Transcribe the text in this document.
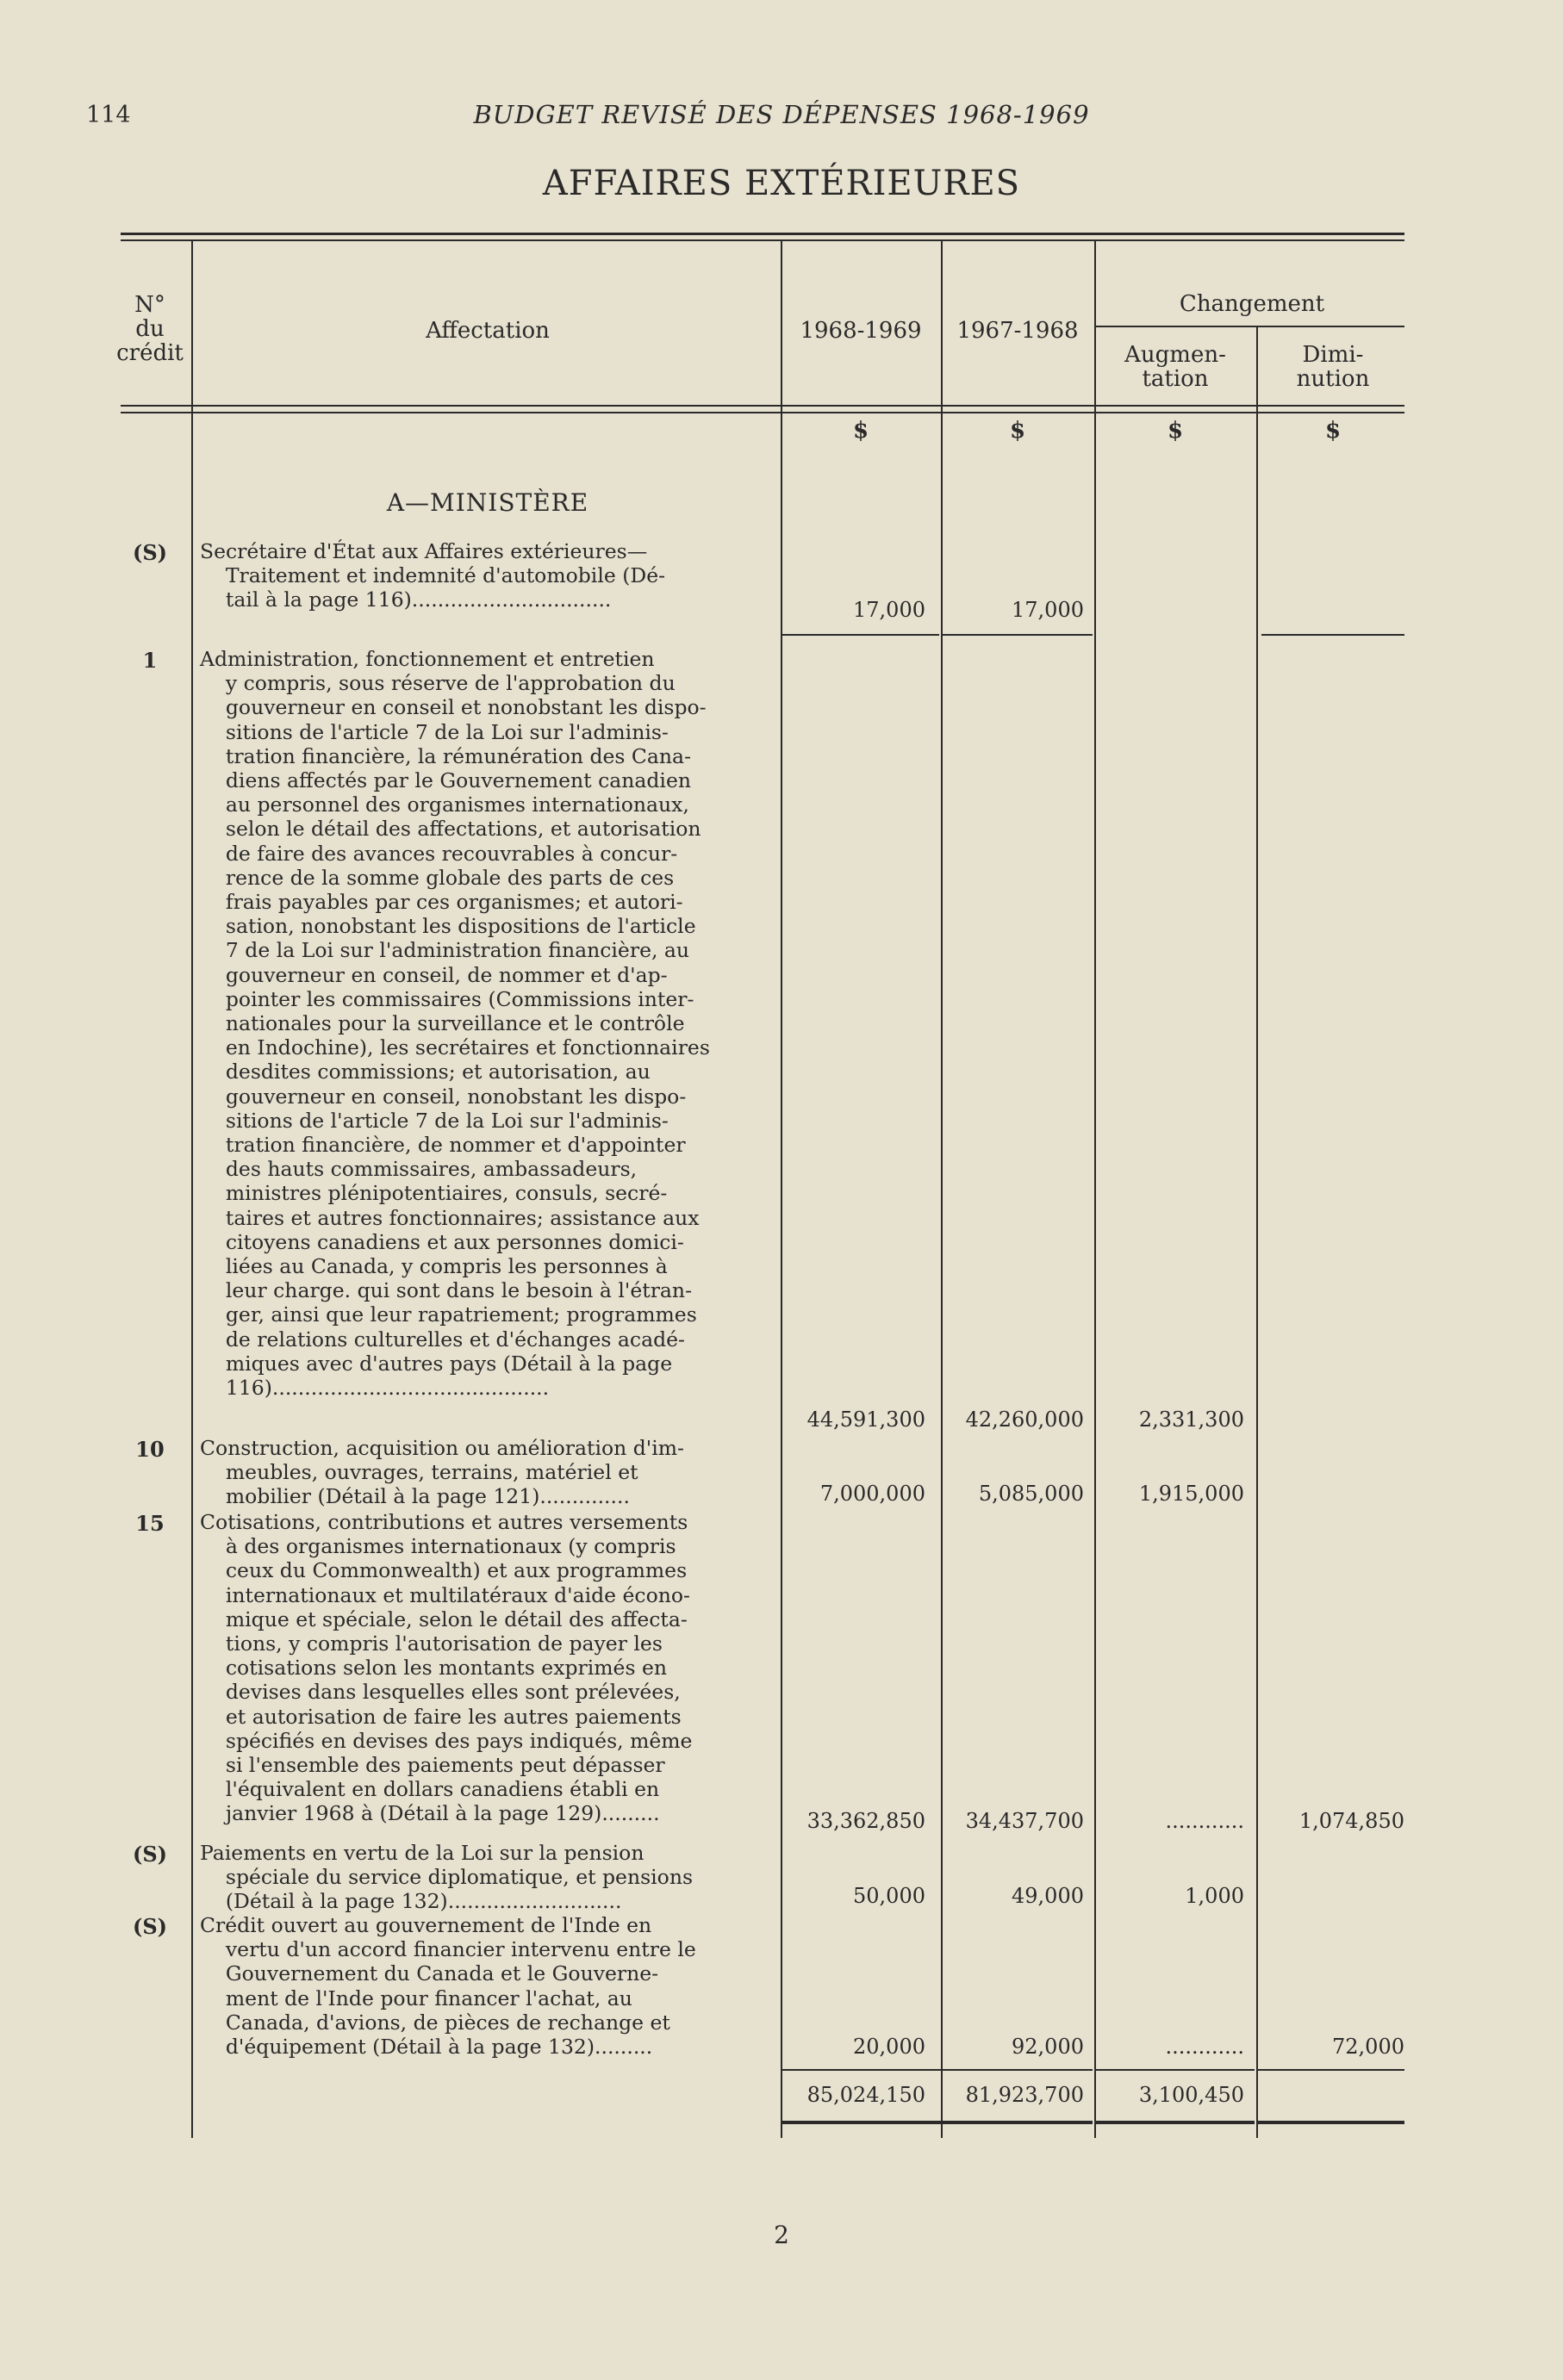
114	BUDGET REVISÉ DES DÉPENSES 1968-1969
AFFAIRES EXTÉRIEURES
N°
du
crédit
Affectation	1968-1969	1967-1968
Changement
Augmen-
tation
Dimi-
nution
$	$	$	$
A—MINISTÈRE
(S)	Secrétaire d'État aux Affaires extérieures—
Traitement et indemnité d'automobile (Dé-
tail à la page 116)...............................	17,000	17,000
1	Administration, fonctionnement et entretien
y compris, sous réserve de l'approbation du
gouverneur en conseil et nonobstant les dispo-
sitions de l'article 7 de la Loi sur l'adminis-
tration financière, la rémunération des Cana-
diens affectés par le Gouvernement canadien
au personnel des organismes internationaux,
selon le détail des affectations, et autorisation
de faire des avances recouvrables à concur-
rence de la somme globale des parts de ces
frais payables par ces organismes; et autori-
sation, nonobstant les dispositions de l'article
7 de la Loi sur l'administration financière, au
gouverneur en conseil, de nommer et d'ap-
pointer les commissaires (Commissions inter-
nationales pour la surveillance et le contrôle
en Indochine), les secrétaires et fonctionnaires
desdites commissions; et autorisation, au
gouverneur en conseil, nonobstant les dispo-
sitions de l'article 7 de la Loi sur l'adminis-
tration financière, de nommer et d'appointer
des hauts commissaires, ambassadeurs,
ministres plénipotentiaires, consuls, secré-
taires et autres fonctionnaires; assistance aux
citoyens canadiens et aux personnes domici-
liées au Canada, y compris les personnes à
leur charge. qui sont dans le besoin à l'étran-
ger, ainsi que leur rapatriement; programmes
de relations culturelles et d'échanges acadé-
miques avec d'autres pays (Détail à la page
116)...........................................
44,591,300	42,260,000	2,331,300
10	Construction, acquisition ou amélioration d'im-
meubles, ouvrages, terrains, matériel et
mobilier (Détail à la page 121)..............	7,000,000	5,085,000	1,915,000
15	Cotisations, contributions et autres versements
à des organismes internationaux (y compris
ceux du Commonwealth) et aux programmes
internationaux et multilatéraux d'aide écono-
mique et spéciale, selon le détail des affecta-
tions, y compris l'autorisation de payer les
cotisations selon les montants exprimés en
devises dans lesquelles elles sont prélevées,
et autorisation de faire les autres paiements
spécifiés en devises des pays indiqués, même
si l'ensemble des paiements peut dépasser
l'équivalent en dollars canadiens établi en
janvier 1968 à (Détail à la page 129).........	33,362,850	34,437,700	............	1,074,850
(S)	Paiements en vertu de la Loi sur la pension
spéciale du service diplomatique, et pensions
(Détail à la page 132)...........................	50,000	49,000	1,000
(S)	Crédit ouvert au gouvernement de l'Inde en
vertu d'un accord financier intervenu entre le
Gouvernement du Canada et le Gouverne-
ment de l'Inde pour financer l'achat, au
Canada, d'avions, de pièces de rechange et
d'équipement (Détail à la page 132).........	20,000	92,000	............	72,000
85,024,150	81,923,700	3,100,450
2
